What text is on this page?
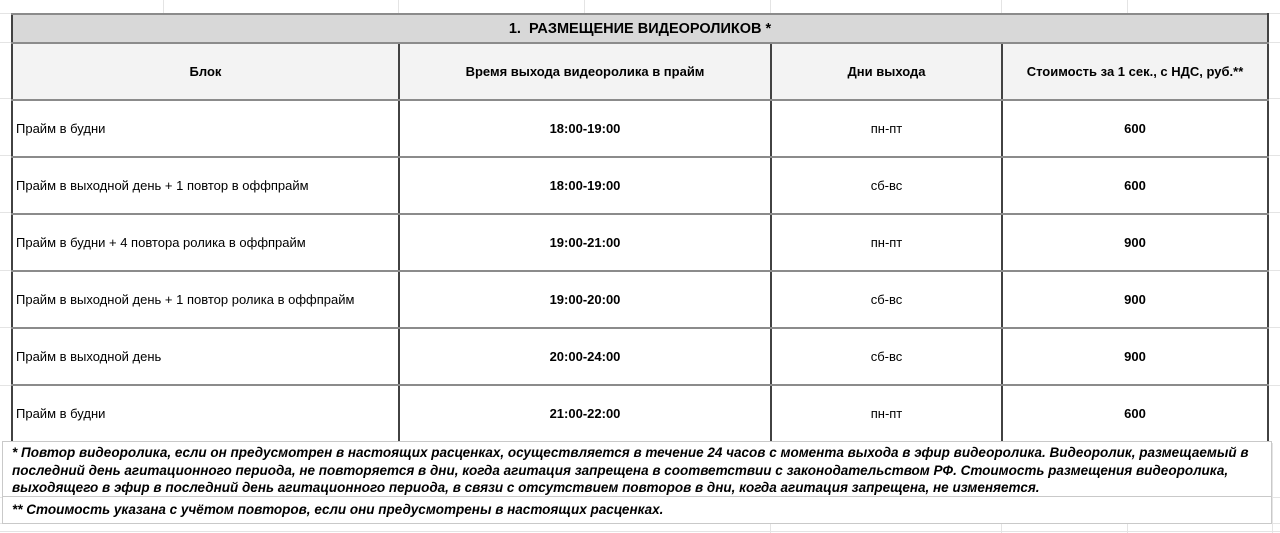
1.  РАЗМЕЩЕНИЕ ВИДЕОРОЛИКОВ *			
Блок	Время выхода видеоролика в прайм	Дни выхода	Стоимость за 1 сек., с НДС, руб.**
Прайм в будни	18:00-19:00	пн-пт	600
Прайм в выходной день + 1 повтор в оффпрайм	18:00-19:00	сб-вс	600
Прайм в будни + 4 повтора ролика в оффпрайм	19:00-21:00	пн-пт	900
Прайм в выходной день + 1 повтор ролика в оффпрайм	19:00-20:00	сб-вс	900
Прайм в выходной день	20:00-24:00	сб-вс	900
Прайм в будни	21:00-22:00	пн-пт	600
* Повтор видеоролика, если он предусмотрен в настоящих расценках, осуществляется в течение 24 часов с момента выхода в эфир видеоролика. Видеоролик, размещаемый в последний день агитационного периода, не повторяется в дни, когда агитация запрещена в соответствии с законодательством РФ. Стоимость размещения видеоролика, выходящего в эфир в последний день агитационного периода, в связи с отсутствием повторов в дни, когда агитация запрещена, не изменяется.
** Стоимость указана с учётом повторов, если они предусмотрены в настоящих расценках.
